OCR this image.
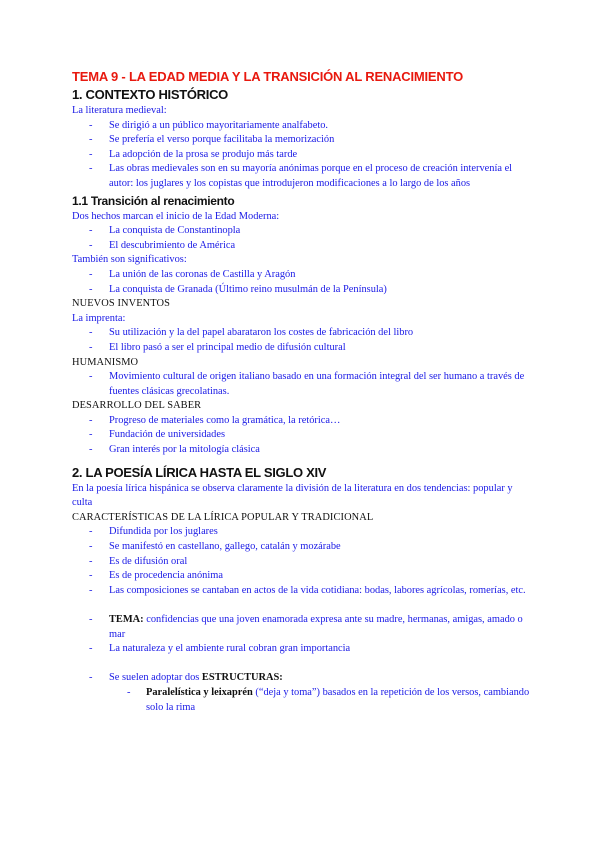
TEMA 9 - LA EDAD MEDIA Y LA TRANSICIÓN AL RENACIMIENTO
1. CONTEXTO HISTÓRICO
La literatura medieval:
- Se dirigió a un público mayoritariamente analfabeto.
- Se prefería el verso porque facilitaba la memorización
- La adopción de la prosa se produjo más tarde
- Las obras medievales son en su mayoría anónimas porque en el proceso de creación intervenía el autor: los juglares y los copistas que introdujeron modificaciones a lo largo de los años
1.1 Transición al renacimiento
Dos hechos marcan el inicio de la Edad Moderna:
- La conquista de Constantinopla
- El descubrimiento de América
También son significativos:
- La unión de las coronas de Castilla y Aragón
- La conquista de Granada (Último reino musulmán de la Península)
NUEVOS INVENTOS
La imprenta:
- Su utilización y la del papel abarataron los costes de fabricación del libro
- El libro pasó a ser el principal medio de difusión cultural
HUMANISMO
- Movimiento cultural de origen italiano basado en una formación integral del ser humano a través de fuentes clásicas grecolatinas.
DESARROLLO DEL SABER
- Progreso de materiales como la gramática, la retórica…
- Fundación de universidades
- Gran interés por la mitología clásica
2. LA POESÍA LÍRICA HASTA EL SIGLO XIV
En la poesía lírica hispánica se observa claramente la división de la literatura en dos tendencias: popular y culta
CARACTERÍSTICAS DE LA LÍRICA POPULAR Y TRADICIONAL
- Difundida por los juglares
- Se manifestó en castellano, gallego, catalán y mozárabe
- Es de difusión oral
- Es de procedencia anónima
- Las composiciones se cantaban en actos de la vida cotidiana: bodas, labores agrícolas, romerías, etc.
- TEMA: confidencias que una joven enamorada expresa ante su madre, hermanas, amigas, amado o mar
- La naturaleza y el ambiente rural cobran gran importancia
- Se suelen adoptar dos ESTRUCTURAS:
- Paralelística y leixaprén (“deja y toma”) basados en la repetición de los versos, cambiando solo la rima
